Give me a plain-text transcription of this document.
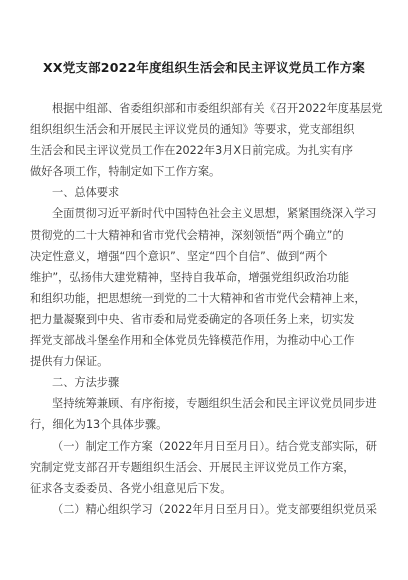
XX党支部2022年度组织生活会和民主评议党员工作方案

根据中组部、省委组织部和市委组织部有关《召开2022年度基层党
组织组织生活会和开展民主评议党员的通知》等要求，党支部组织
生活会和民主评议党员工作在2022年3月X日前完成。为扎实有序
做好各项工作，特制定如下工作方案。

一、总体要求

全面贯彻习近平新时代中国特色社会主义思想，紧紧围绕深入学习
贯彻党的二十大精神和省市党代会精神，深刻领悟“两个确立”的
决定性意义，增强“四个意识”、坚定“四个自信”、做到“两个
维护”，弘扬伟大建党精神，坚持自我革命，增强党组织政治功能
和组织功能，把思想统一到党的二十大精神和省市党代会精神上来，
把力量凝聚到中央、省市委和局党委确定的各项任务上来，切实发
挥党支部战斗堡垒作用和全体党员先锋模范作用，为推动中心工作
提供有力保证。

二、方法步骤

坚持统筹兼顾、有序衔接，专题组织生活会和民主评议党员同步进
行，细化为13个具体步骤。

（一）制定工作方案（2022年月日至月日）。结合党支部实际，研
究制定党支部召开专题组织生活会、开展民主评议党员工作方案，
征求各支委委员、各党小组意见后下发。

（二）精心组织学习（2022年月日至月日）。党支部要组织党员采
